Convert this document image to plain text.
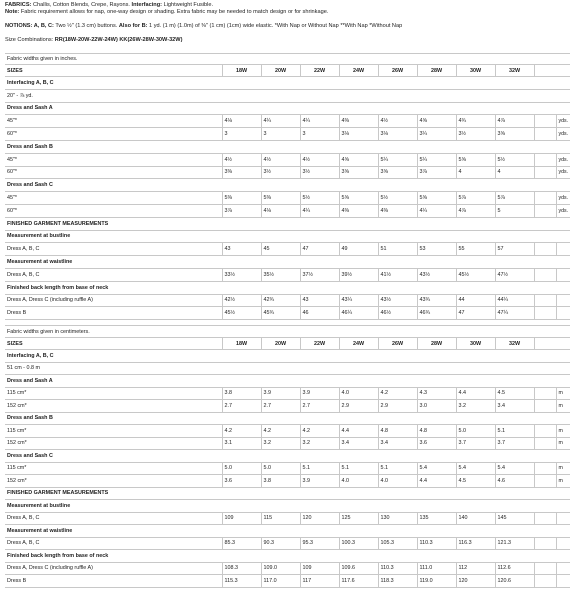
FABRICS: Challis, Cotton Blends, Crepe, Rayons. Interfacing: Lightweight Fusible.
Note: Fabric requirement allows for nap, one-way design or shading. Extra fabric may be needed to match design or for shrinkage.
NOTIONS: A, B, C: Two ½" (1.3 cm) buttons. Also for B: 1 yd. (1 m) (1.0m) of ⅜" (1 cm) (1cm) wide elastic. *With Nap or Without Nap **With Nap *Without Nap
Size Combinations: RR(18W-20W-22W-24W) KK(26W-28W-30W-32W)
Fabric widths given in inches.										
SIZES	18W	20W	22W	24W	26W	28W	30W	32W		
Interfacing A, B, C										
20" - ⅞ yd.										
Dress and Sash A										
45"*	4⅛	4¼	4¼	4⅜	4½	4⅝	4¾	4⅞		yds.
60"*	3	3	3	3⅛	3⅛	3¼	3½	3⅝		yds.
Dress and Sash B										
45"*	4½	4½	4½	4⅝	5¼	5¼	5⅝	5½		yds.
60"*	3⅜	3½	3½	3⅝	3⅝	3⅞	4	4		yds.
Dress and Sash C										
45"*	5⅜	5⅜	5½	5⅝	5½	5⅝	5⅞	5⅞		yds.
60"*	3⅞	4⅛	4¼	4⅜	4⅜	4¼	4⅞	5		yds.
FINISHED GARMENT MEASUREMENTS										
Measurement at bustline										
Dress A, B, C	43	45	47	49	51	53	55	57		
Measurement at waistline										
Dress A, B, C	33½	35½	37½	39½	41½	43½	45½	47½		
Finished back length from base of neck										
Dress A, Dress C (including ruffle A)	42½	42¾	43	43¼	43½	43¾	44	44¼		
Dress B	45½	45¾	46	46¼	46½	46¾	47	47¼		
Fabric widths given in centimeters.										
SIZES	18W	20W	22W	24W	26W	28W	30W	32W		
Interfacing A, B, C										
51 cm - 0.8 m										
Dress and Sash A										
115 cm*	3.8	3.9	3.9	4.0	4.2	4.3	4.4	4.5		m
152 cm*	2.7	2.7	2.7	2.9	2.9	3.0	3.2	3.4		m
Dress and Sash B										
115 cm*	4.2	4.2	4.2	4.4	4.8	4.8	5.0	5.1		m
152 cm*	3.1	3.2	3.2	3.4	3.4	3.6	3.7	3.7		m
Dress and Sash C										
115 cm*	5.0	5.0	5.1	5.1	5.1	5.4	5.4	5.4		m
152 cm*	3.6	3.8	3.9	4.0	4.0	4.4	4.5	4.6		m
FINISHED GARMENT MEASUREMENTS										
Measurement at bustline										
Dress A, B, C	109	115	120	125	130	135	140	145		
Measurement at waistline										
Dress A, B, C	85.3	90.3	95.3	100.3	105.3	110.3	116.3	121.3		
Finished back length from base of neck										
Dress A, Dress C (including ruffle A)	108.3	109.0	109	109.6	110.3	111.0	112	112.6		
Dress B	115.3	117.0	117	117.6	118.3	119.0	120	120.6		
